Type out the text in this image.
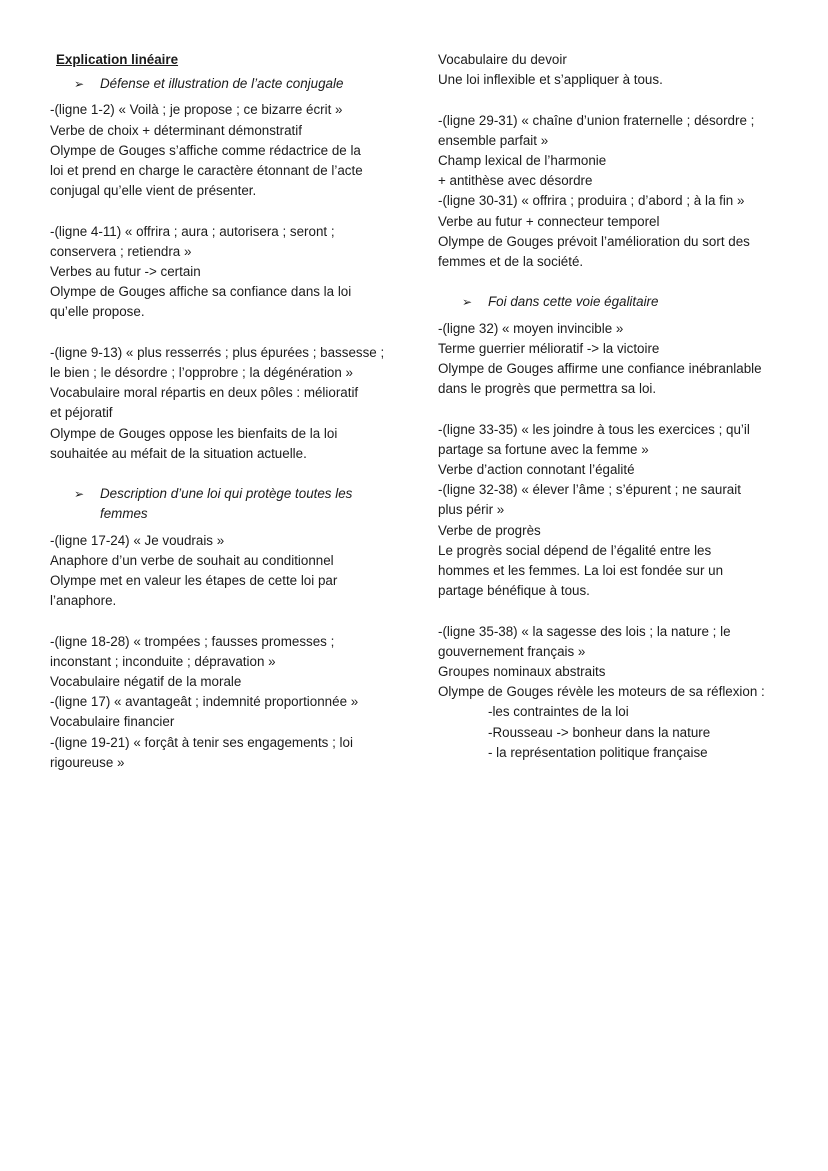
Explication linéaire
➢ Défense et illustration de l’acte conjugale
-(ligne 1-2) « Voilà ; je propose ; ce bizarre écrit »
Verbe de choix + déterminant démonstratif
Olympe de Gouges s’affiche comme rédactrice de la
loi et prend en charge le caractère étonnant de l’acte
conjugal qu’elle vient de présenter.
-(ligne 4-11) « offrira ; aura ; autorisera ; seront ;
conservera ; retiendra »
Verbes au futur -> certain
Olympe de Gouges affiche sa confiance dans la loi
qu’elle propose.
-(ligne 9-13) « plus resserrés ; plus épurées ; bassesse ;
le bien ; le désordre ; l’opprobre ; la dégénération »
Vocabulaire moral répartis en deux pôles : mélioratif
et péjoratif
Olympe de Gouges oppose les bienfaits de la loi
souhaitée au méfait de la situation actuelle.
➢ Description d’une loi qui protège toutes les
femmes
-(ligne 17-24) « Je voudrais »
Anaphore d’un verbe de souhait au conditionnel
Olympe met en valeur les étapes de cette loi par
l’anaphore.
-(ligne 18-28) « trompées ; fausses promesses ;
inconstant ; inconduite ; dépravation »
Vocabulaire négatif de la morale
-(ligne 17) « avantageât ; indemnité proportionnée »
Vocabulaire financier
-(ligne 19-21) « forçât à tenir ses engagements ; loi
rigoureuse »
Vocabulaire du devoir
Une loi inflexible et s’appliquer à tous.
-(ligne 29-31) « chaîne d’union fraternelle ; désordre ;
ensemble parfait »
Champ lexical de l’harmonie
+ antithèse avec désordre
-(ligne 30-31) « offrira ; produira ; d’abord ; à la fin »
Verbe au futur + connecteur temporel
Olympe de Gouges prévoit l’amélioration du sort des
femmes et de la société.
➢ Foi dans cette voie égalitaire
-(ligne 32) « moyen invincible »
Terme guerrier mélioratif -> la victoire
Olympe de Gouges affirme une confiance inébranlable
dans le progrès que permettra sa loi.
-(ligne 33-35) « les joindre à tous les exercices ; qu’il
partage sa fortune avec la femme »
Verbe d’action connotant l’égalité
-(ligne 32-38) « élever l’âme ; s’épurent ; ne saurait
plus périr »
Verbe de progrès
Le progrès social dépend de l’égalité entre les
hommes et les femmes. La loi est fondée sur un
partage bénéfique à tous.
-(ligne 35-38) « la sagesse des lois ; la nature ; le
gouvernement français »
Groupes nominaux abstraits
Olympe de Gouges révèle les moteurs de sa réflexion :
-les contraintes de la loi
-Rousseau -> bonheur dans la nature
- la représentation politique française
